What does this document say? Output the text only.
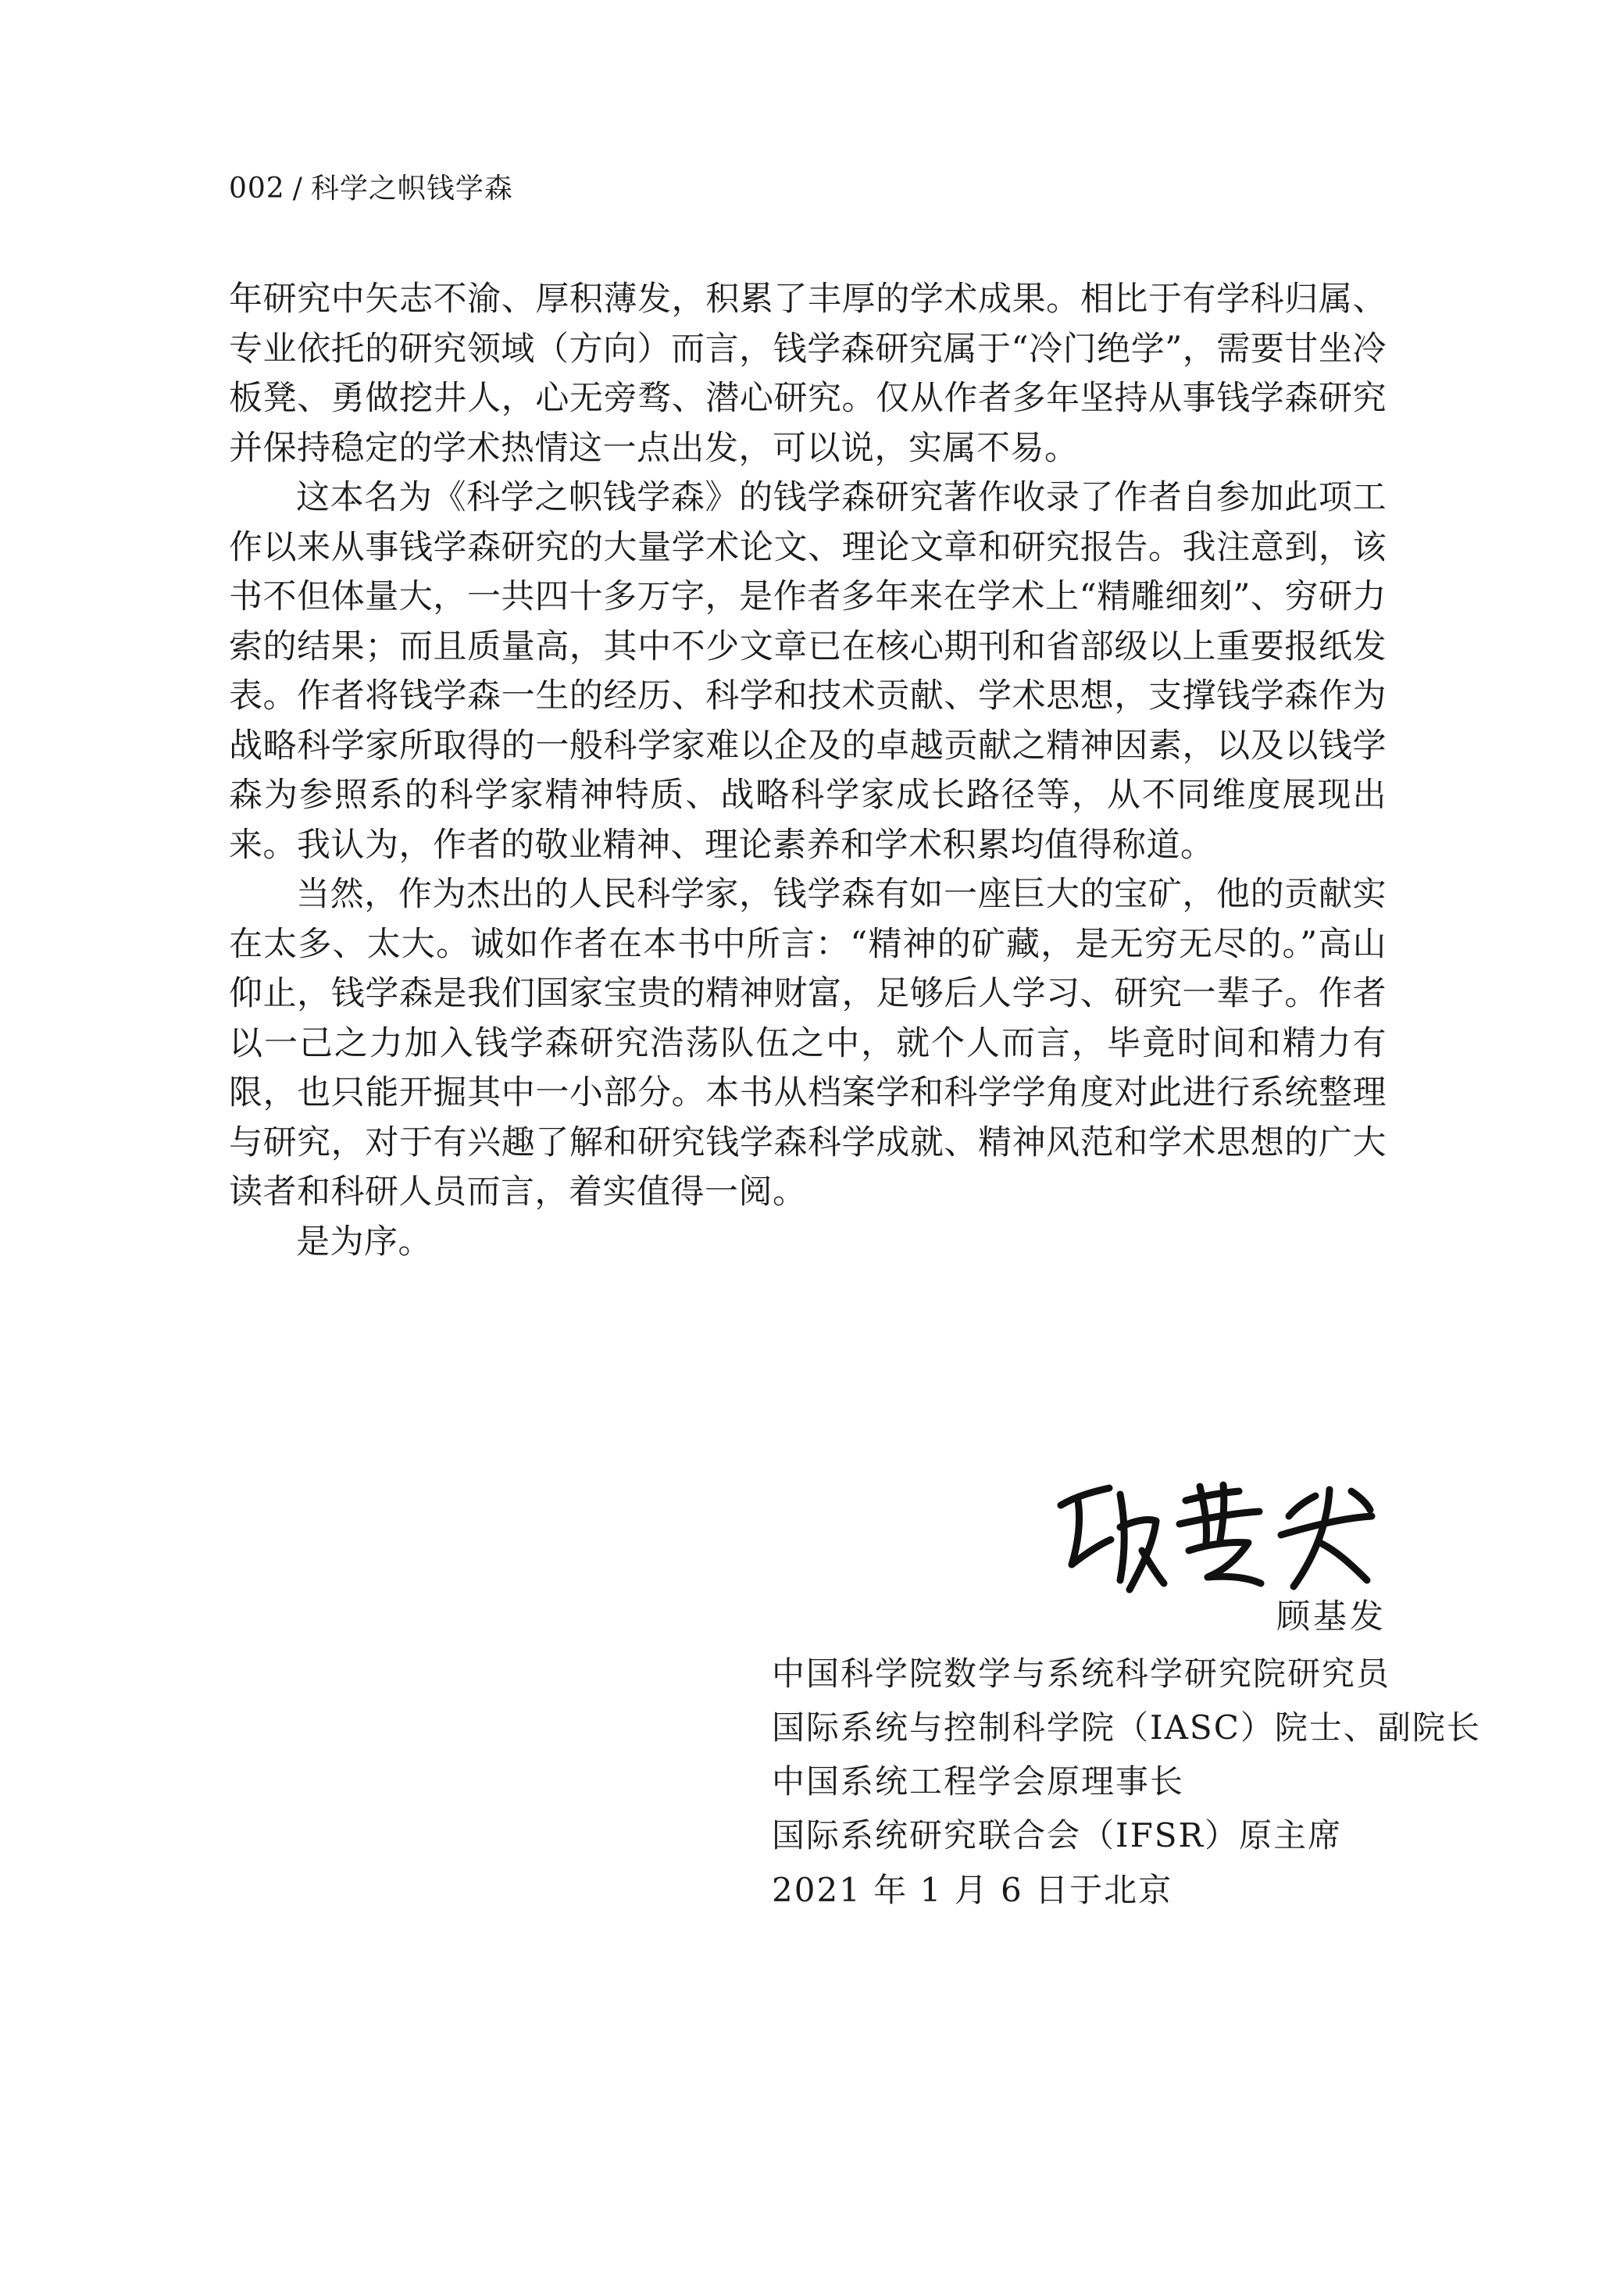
002 / 科学之帜钱学森

年研究中矢志不渝、厚积薄发，积累了丰厚的学术成果。相比于有学科归属、专业依托的研究领域（方向）而言，钱学森研究属于“冷门绝学”，需要甘坐冷板凳、勇做挖井人，心无旁骛、潜心研究。仅从作者多年坚持从事钱学森研究并保持稳定的学术热情这一点出发，可以说，实属不易。

这本名为《科学之帜钱学森》的钱学森研究著作收录了作者自参加此项工作以来从事钱学森研究的大量学术论文、理论文章和研究报告。我注意到，该书不但体量大，一共四十多万字，是作者多年来在学术上“精雕细刻”、穷研力索的结果；而且质量高，其中不少文章已在核心期刊和省部级以上重要报纸发表。作者将钱学森一生的经历、科学和技术贡献、学术思想，支撑钱学森作为战略科学家所取得的一般科学家难以企及的卓越贡献之精神因素，以及以钱学森为参照系的科学家精神特质、战略科学家成长路径等，从不同维度展现出来。我认为，作者的敬业精神、理论素养和学术积累均值得称道。

当然，作为杰出的人民科学家，钱学森有如一座巨大的宝矿，他的贡献实在太多、太大。诚如作者在本书中所言：“精神的矿藏，是无穷无尽的。”高山仰止，钱学森是我们国家宝贵的精神财富，足够后人学习、研究一辈子。作者以一己之力加入钱学森研究浩荡队伍之中，就个人而言，毕竟时间和精力有限，也只能开掘其中一小部分。本书从档案学和科学学角度对此进行系统整理与研究，对于有兴趣了解和研究钱学森科学成就、精神风范和学术思想的广大读者和科研人员而言，着实值得一阅。

是为序。

顾基发
中国科学院数学与系统科学研究院研究员
国际系统与控制科学院（IASC）院士、副院长
中国系统工程学会原理事长
国际系统研究联合会（IFSR）原主席
2021 年 1 月 6 日于北京
